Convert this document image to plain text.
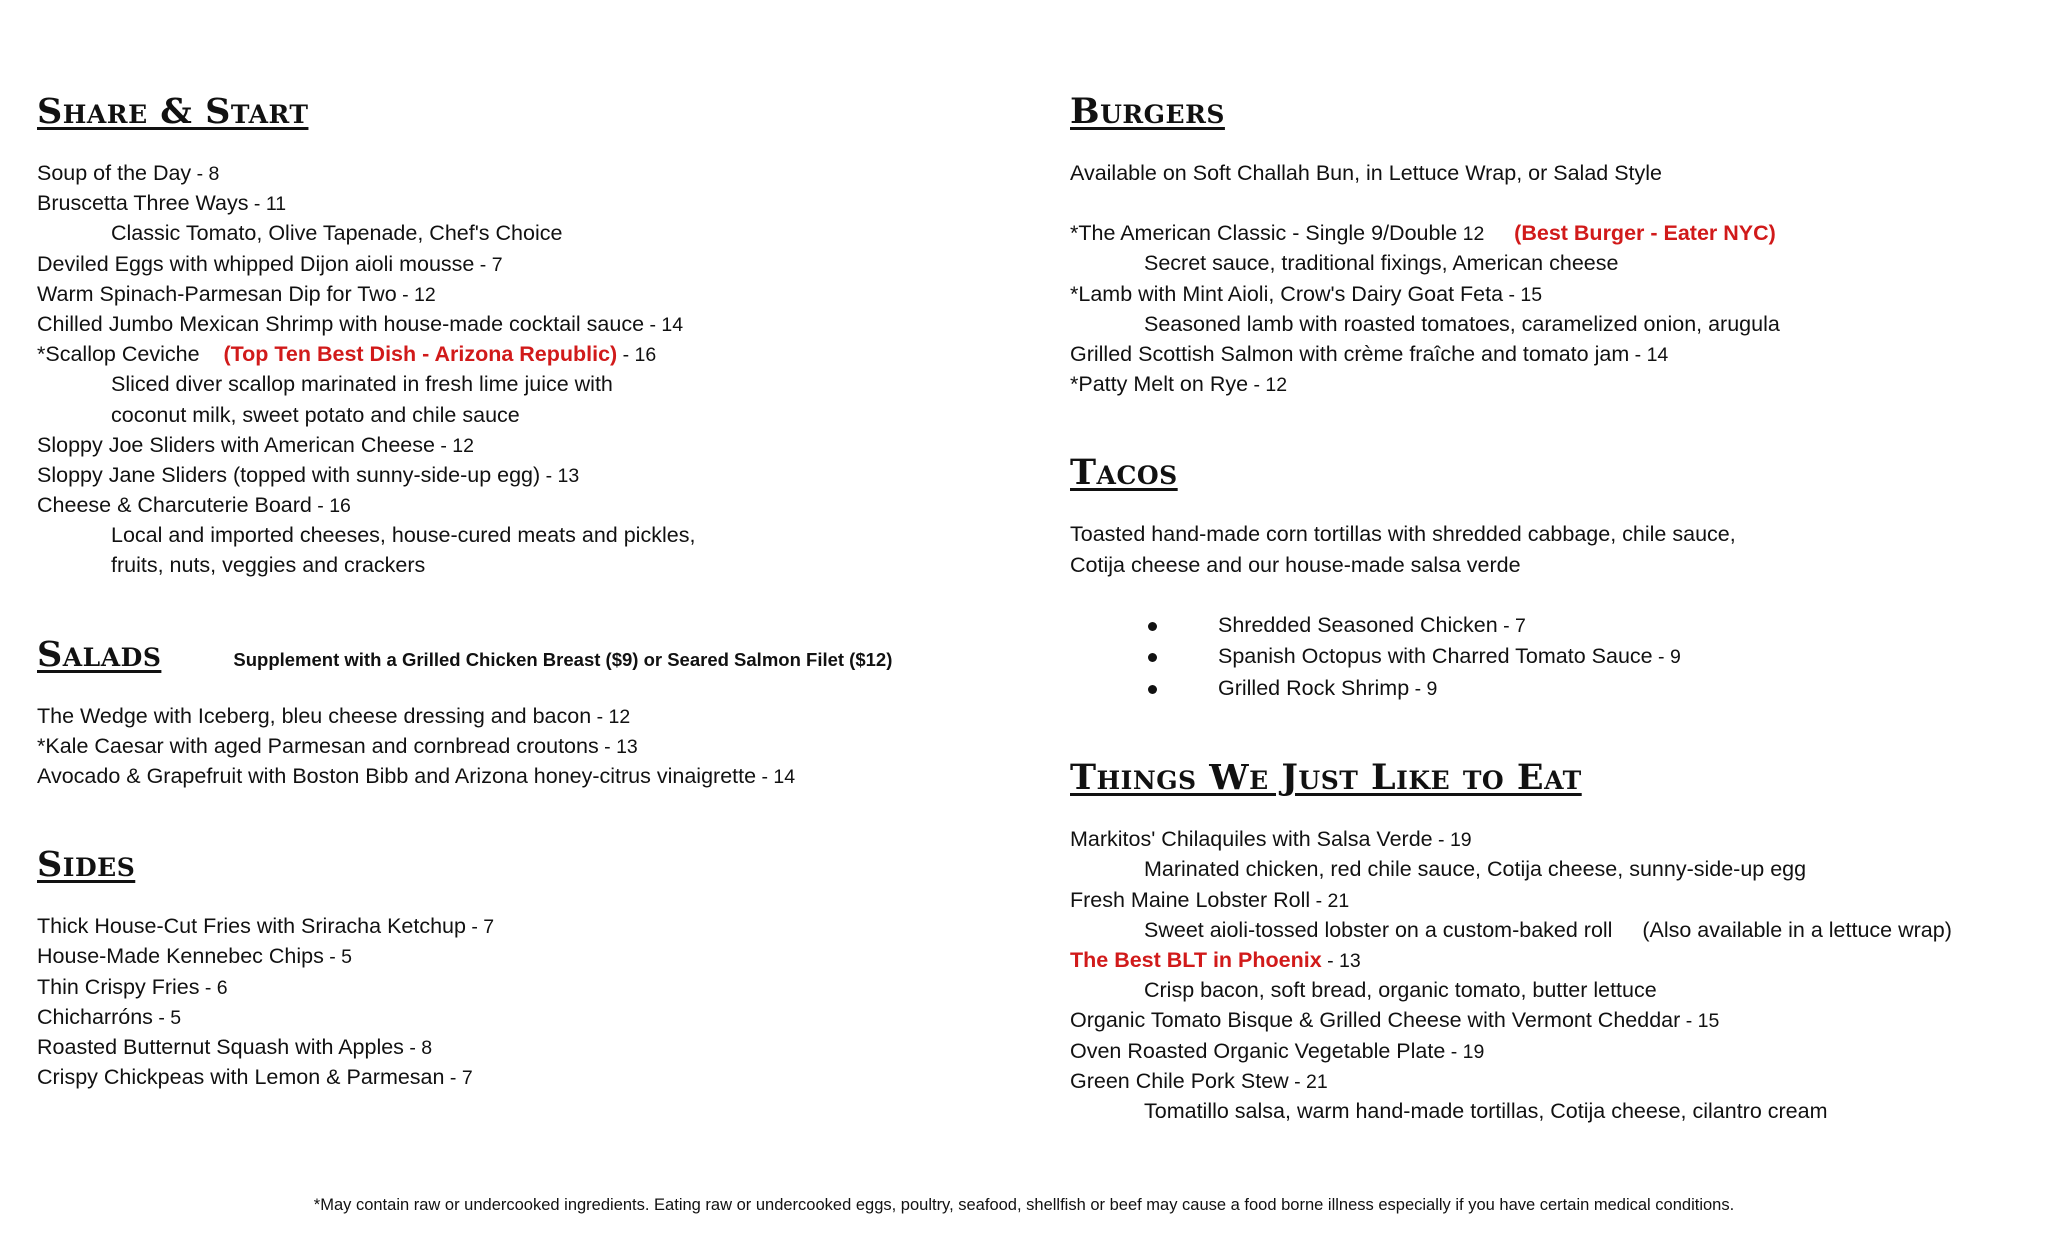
Share & Start
Soup of the Day - 8
Bruscetta Three Ways - 11
Classic Tomato, Olive Tapenade, Chef's Choice
Deviled Eggs with whipped Dijon aioli mousse - 7
Warm Spinach-Parmesan Dip for Two - 12
Chilled Jumbo Mexican Shrimp with house-made cocktail sauce - 14
*Scallop Ceviche (Top Ten Best Dish - Arizona Republic) - 16
Sliced diver scallop marinated in fresh lime juice with
coconut milk, sweet potato and chile sauce
Sloppy Joe Sliders with American Cheese - 12
Sloppy Jane Sliders (topped with sunny-side-up egg) - 13
Cheese & Charcuterie Board - 16
Local and imported cheeses, house-cured meats and pickles,
fruits, nuts, veggies and crackers
Salads	Supplement with a Grilled Chicken Breast ($9) or Seared Salmon Filet ($12)
The Wedge with Iceberg, bleu cheese dressing and bacon - 12
*Kale Caesar with aged Parmesan and cornbread croutons - 13
Avocado & Grapefruit with Boston Bibb and Arizona honey-citrus vinaigrette - 14
Sides
Thick House-Cut Fries with Sriracha Ketchup - 7
House-Made Kennebec Chips - 5
Thin Crispy Fries - 6
Chicharróns - 5
Roasted Butternut Squash with Apples - 8
Crispy Chickpeas with Lemon & Parmesan - 7
Burgers
Available on Soft Challah Bun, in Lettuce Wrap, or Salad Style
*The American Classic - Single 9/Double 12 (Best Burger - Eater NYC)
Secret sauce, traditional fixings, American cheese
*Lamb with Mint Aioli, Crow's Dairy Goat Feta - 15
Seasoned lamb with roasted tomatoes, caramelized onion, arugula
Grilled Scottish Salmon with crème fraîche and tomato jam - 14
*Patty Melt on Rye - 12
Tacos
Toasted hand-made corn tortillas with shredded cabbage, chile sauce,
Cotija cheese and our house-made salsa verde
Shredded Seasoned Chicken - 7
Spanish Octopus with Charred Tomato Sauce - 9
Grilled Rock Shrimp - 9
Things We Just Like to Eat
Markitos' Chilaquiles with Salsa Verde - 19
Marinated chicken, red chile sauce, Cotija cheese, sunny-side-up egg
Fresh Maine Lobster Roll - 21
Sweet aioli-tossed lobster on a custom-baked roll (Also available in a lettuce wrap)
The Best BLT in Phoenix - 13
Crisp bacon, soft bread, organic tomato, butter lettuce
Organic Tomato Bisque & Grilled Cheese with Vermont Cheddar - 15
Oven Roasted Organic Vegetable Plate - 19
Green Chile Pork Stew - 21
Tomatillo salsa, warm hand-made tortillas, Cotija cheese, cilantro cream
*May contain raw or undercooked ingredients. Eating raw or undercooked eggs, poultry, seafood, shellfish or beef may cause a food borne illness especially if you have certain medical conditions.
